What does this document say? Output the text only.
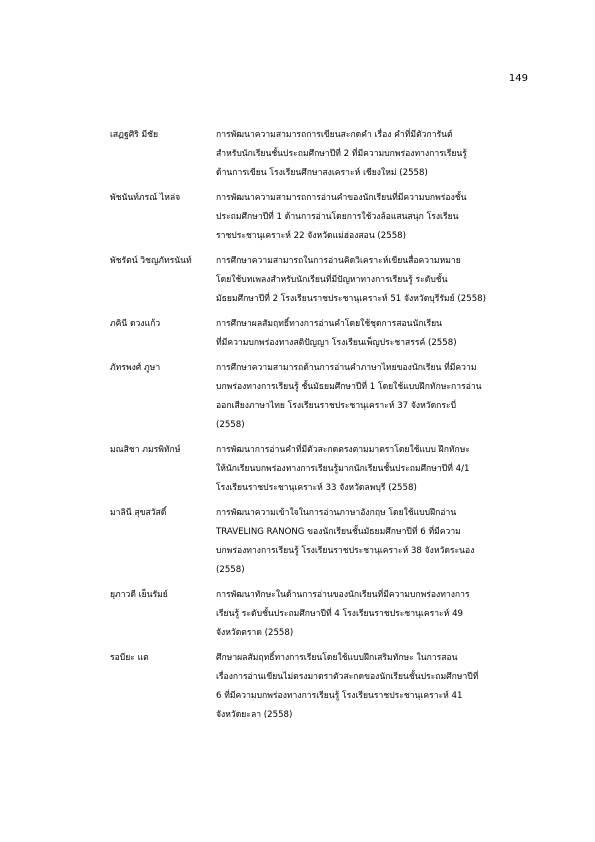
149
เสฏฐศิริ มีชัย	การพัฒนาความสามารถการเขียนสะกดคำ เรื่อง คำที่มีตัวการันต์
สำหรับนักเรียนชั้นประถมศึกษาปีที่ 2 ที่มีความบกพร่องทางการเรียนรู้
ด้านการเขียน โรงเรียนศึกษาสงเคราะห์ เชียงใหม่ (2558)
พัชนันท์ภรณ์ ไหล่จ	การพัฒนาความสามารถการอ่านคำของนักเรียนที่มีความบกพร่องชั้น
ประถมศึกษาปีที่ 1 ด้านการอ่านโดยการใช้วงล้อแสนสนุก โรงเรียน
ราชประชานุเคราะห์ 22 จังหวัดแม่ฮ่องสอน (2558)
พัชรัตน์ วิชญภัทรนันท์	การศึกษาความสามารถในการอ่านคิดวิเคราะห์เขียนสื่อความหมาย
โดยใช้บทเพลงสำหรับนักเรียนที่มีปัญหาทางการเรียนรู้ ระดับชั้น
มัธยมศึกษาปีที่ 2 โรงเรียนราชประชานุเคราะห์ 51 จังหวัดบุรีรัมย์ (2558)
ภคินี ดวงแก้ว	การศึกษาผลสัมฤทธิ์ทางการอ่านคำโดยใช้ชุดการสอนนักเรียน
ที่มีความบกพร่องทางสติปัญญา โรงเรียนเพ็ญประชาสรรค์ (2558)
ภัทรพงศ์ ภูษา	การศึกษาความสามารถด้านการอ่านคำภาษาไทยของนักเรียน ที่มีความ
บกพร่องทางการเรียนรู้ ชั้นมัธยมศึกษาปีที่ 1 โดยใช้แบบฝึกทักษะการอ่าน
ออกเสียงภาษาไทย โรงเรียนราชประชานุเคราะห์ 37 จังหวัดกระบี่
(2558)
มณสิชา ภมรพิทักษ์	การพัฒนาการอ่านคำที่มีตัวสะกดตรงตามมาตราโดยใช้แบบ ฝึกทักษะ
ให้นักเรียนบกพร่องทางการเรียนรู้มากนักเรียนชั้นประถมศึกษาปีที่ 4/1
โรงเรียนราชประชานุเคราะห์ 33 จังหวัดลพบุรี (2558)
มาลินี สุขสวัสดิ์	การพัฒนาความเข้าใจในการอ่านภาษาอังกฤษ โดยใช้แบบฝึกอ่าน
TRAVELING RANONG ของนักเรียนชั้นมัธยมศึกษาปีที่ 6 ที่มีความ
บกพร่องทางการเรียนรู้ โรงเรียนราชประชานุเคราะห์ 38 จังหวัดระนอง
(2558)
ยุภาวดี เย็นรัมย์	การพัฒนาทักษะในด้านการอ่านของนักเรียนที่มีความบกพร่องทางการ
เรียนรู้ ระดับชั้นประถมศึกษาปีที่ 4 โรงเรียนราชประชานุเคราะห์ 49
จังหวัดตราด (2558)
รอบียะ แต	ศึกษาผลสัมฤทธิ์ทางการเรียนโดยใช้แบบฝึกเสริมทักษะ ในการสอน
เรื่องการอ่านเขียนไม่ตรงมาตราตัวสะกดของนักเรียนชั้นประถมศึกษาปีที่
6 ที่มีความบกพร่องทางการเรียนรู้ โรงเรียนราชประชานุเคราะห์ 41
จังหวัดยะลา (2558)
